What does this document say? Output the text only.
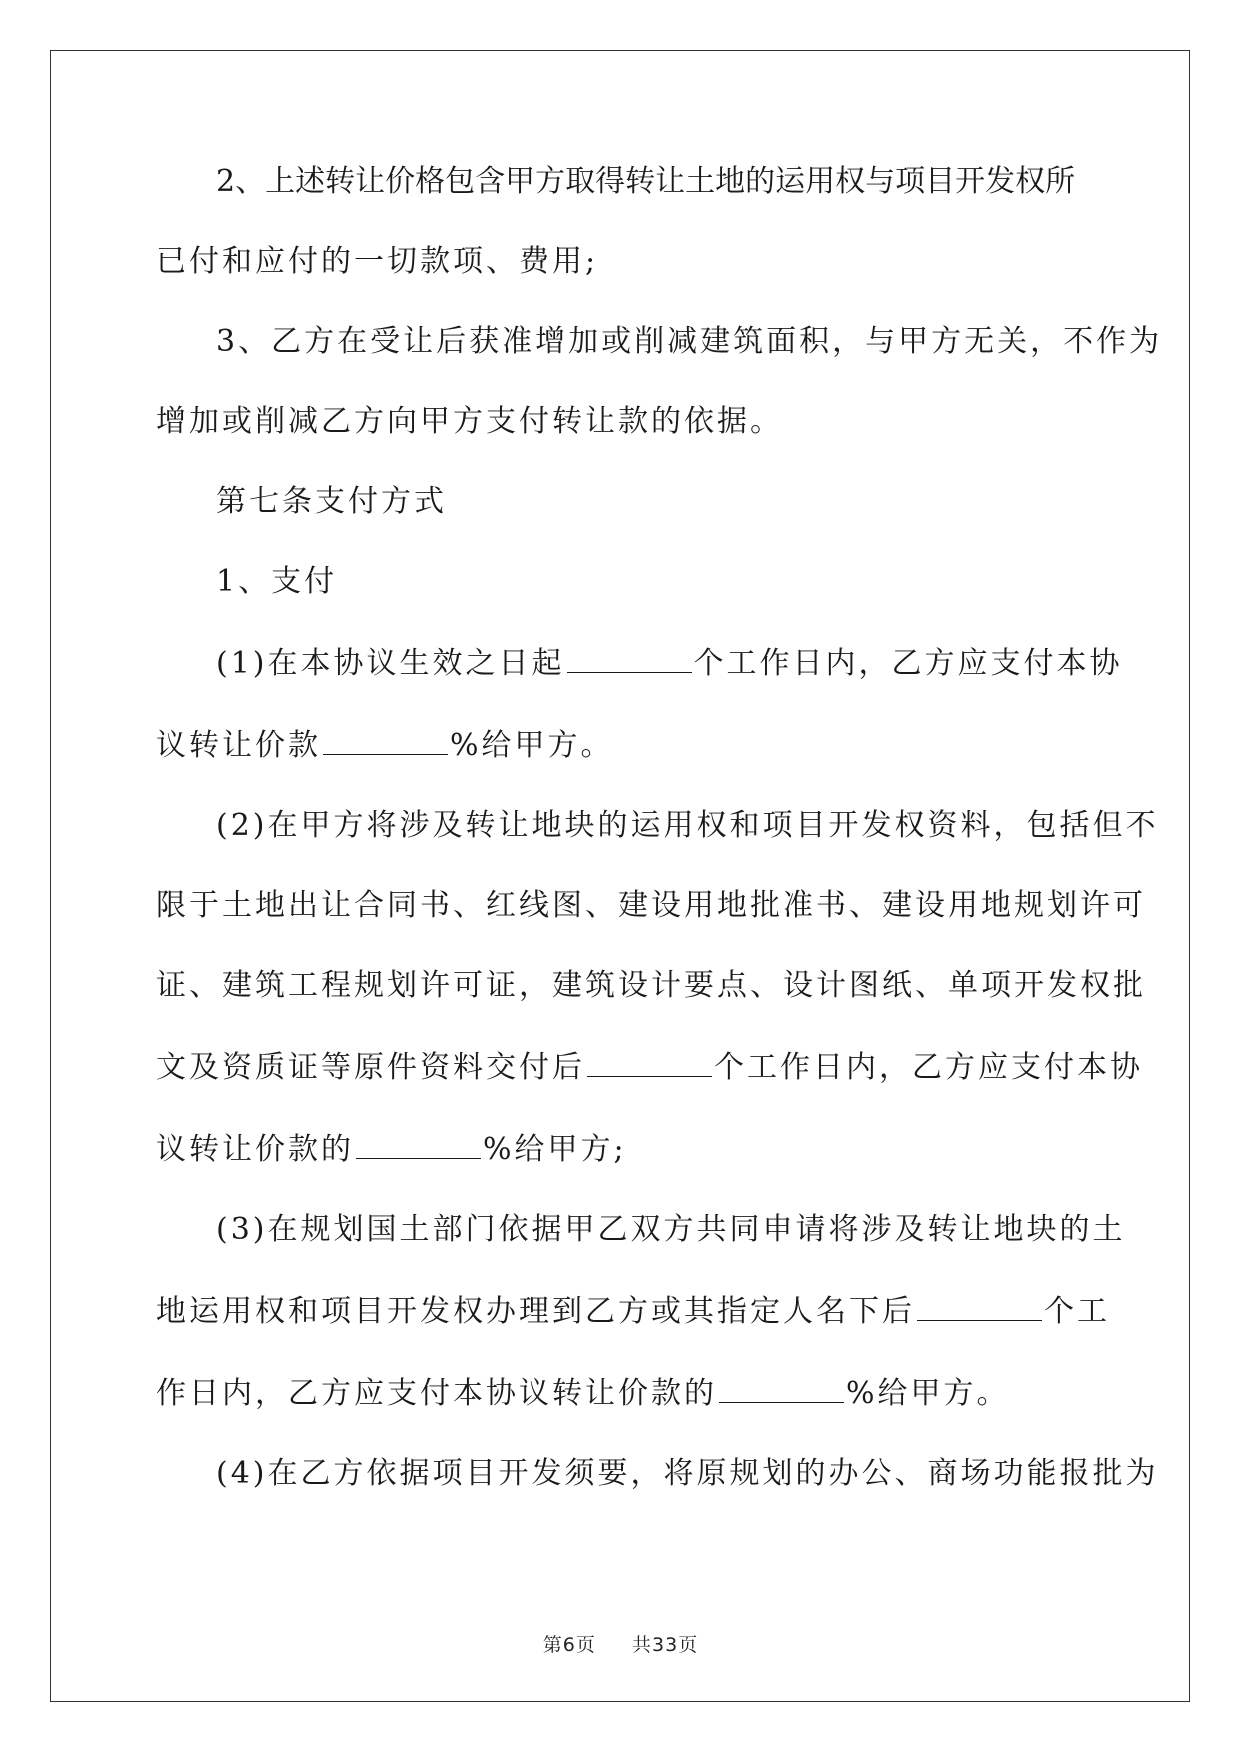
2、上述转让价格包含甲方取得转让土地的运用权与项目开发权所

已付和应付的一切款项、费用;

3、乙方在受让后获准增加或削减建筑面积，与甲方无关，不作为

增加或削减乙方向甲方支付转让款的依据。

第七条支付方式

1、支付

(1)在本协议生效之日起	个工作日内，乙方应支付本协

议转让价款	%给甲方。

(2)在甲方将涉及转让地块的运用权和项目开发权资料，包括但不

限于土地出让合同书、红线图、建设用地批准书、建设用地规划许可

证、建筑工程规划许可证，建筑设计要点、设计图纸、单项开发权批

文及资质证等原件资料交付后	个工作日内，乙方应支付本协

议转让价款的	%给甲方;

(3)在规划国土部门依据甲乙双方共同申请将涉及转让地块的土

地运用权和项目开发权办理到乙方或其指定人名下后	个工

作日内，乙方应支付本协议转让价款的	%给甲方。

(4)在乙方依据项目开发须要，将原规划的办公、商场功能报批为

第6页 共33页
